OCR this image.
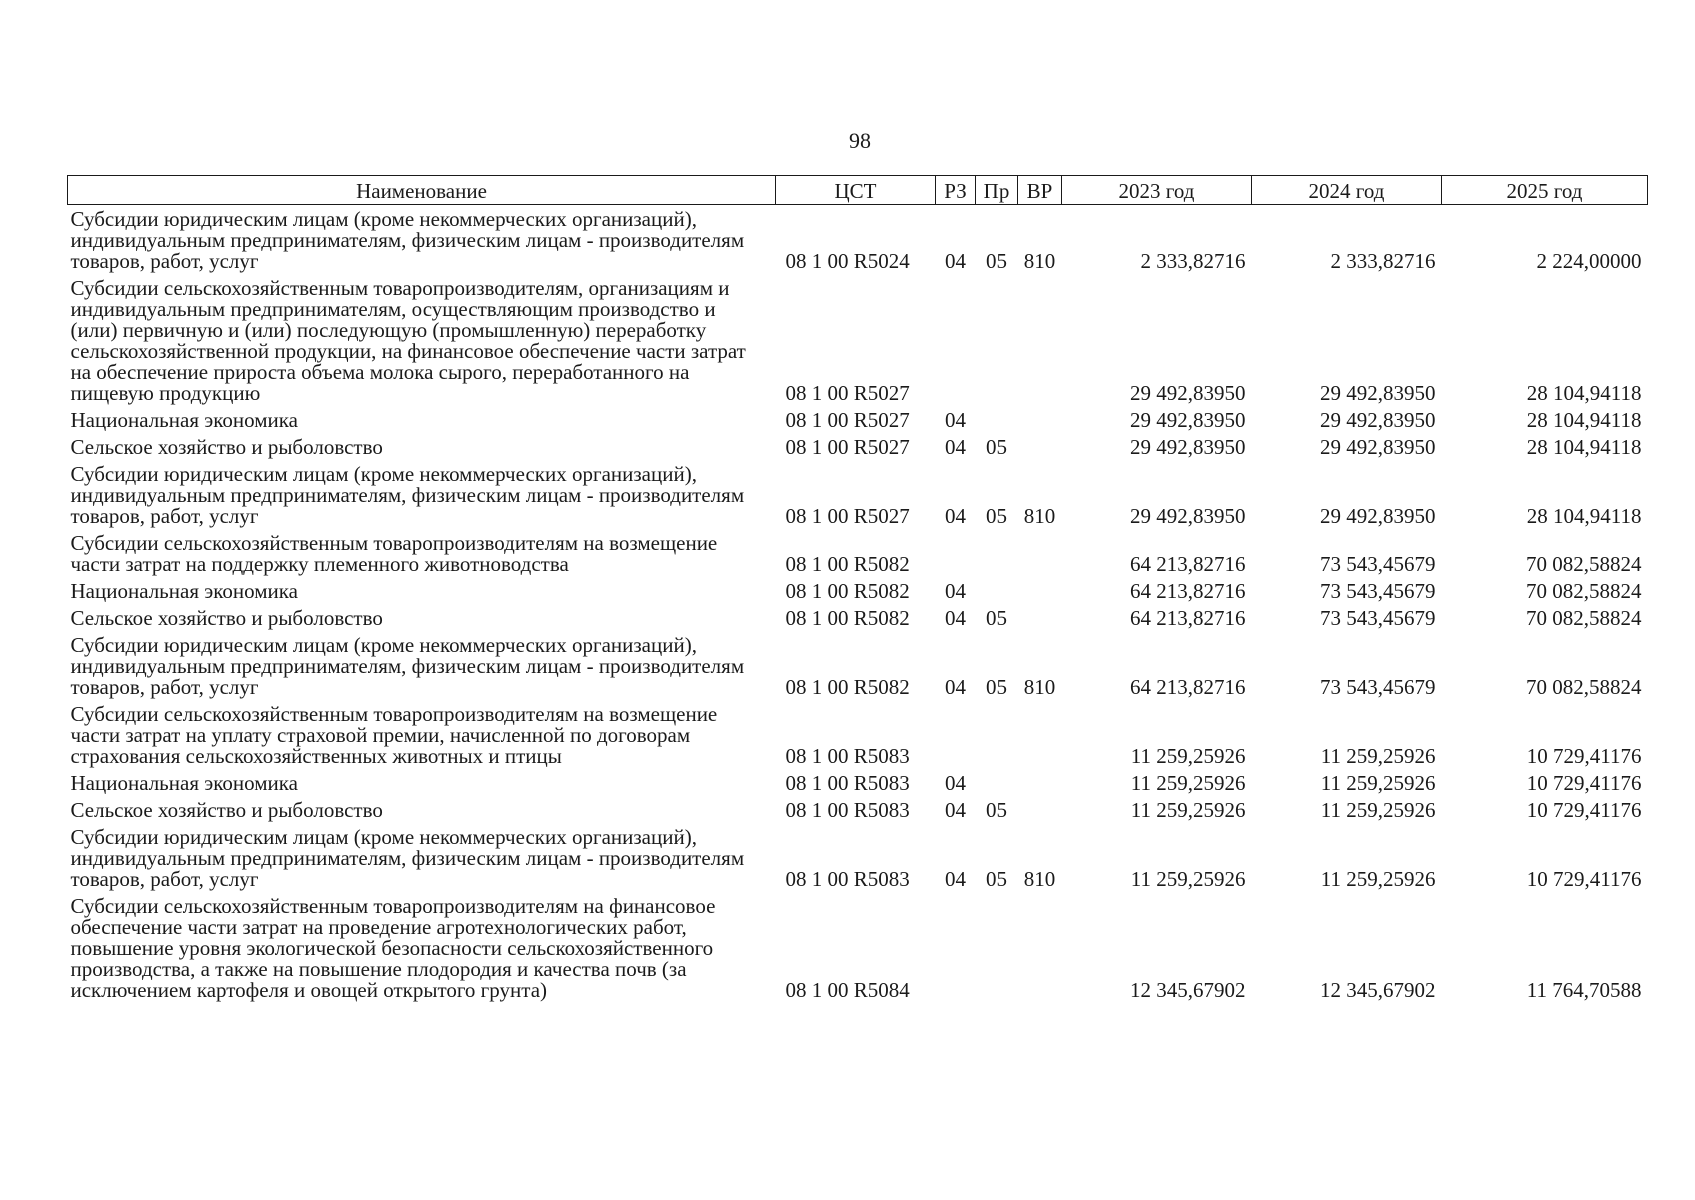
98
Наименование	ЦСТ	РЗ	Пр	ВР	2023 год	2024 год	2025 год
Субсидии юридическим лицам (кроме некоммерческих организаций), индивидуальным предпринимателям, физическим лицам - производителям товаров, работ, услуг	08 1 00 R5024	04	05	810	2 333,82716	2 333,82716	2 224,00000
Субсидии сельскохозяйственным товаропроизводителям, организациям и индивидуальным предпринимателям, осуществляющим производство и (или) первичную и (или) последующую (промышленную) переработку сельскохозяйственной продукции, на финансовое обеспечение части затрат на обеспечение прироста объема молока сырого, переработанного на пищевую продукцию	08 1 00 R5027				29 492,83950	29 492,83950	28 104,94118
Национальная экономика	08 1 00 R5027	04			29 492,83950	29 492,83950	28 104,94118
Сельское хозяйство и рыболовство	08 1 00 R5027	04	05		29 492,83950	29 492,83950	28 104,94118
Субсидии юридическим лицам (кроме некоммерческих организаций), индивидуальным предпринимателям, физическим лицам - производителям товаров, работ, услуг	08 1 00 R5027	04	05	810	29 492,83950	29 492,83950	28 104,94118
Субсидии сельскохозяйственным товаропроизводителям на возмещение части затрат на поддержку племенного животноводства	08 1 00 R5082				64 213,82716	73 543,45679	70 082,58824
Национальная экономика	08 1 00 R5082	04			64 213,82716	73 543,45679	70 082,58824
Сельское хозяйство и рыболовство	08 1 00 R5082	04	05		64 213,82716	73 543,45679	70 082,58824
Субсидии юридическим лицам (кроме некоммерческих организаций), индивидуальным предпринимателям, физическим лицам - производителям товаров, работ, услуг	08 1 00 R5082	04	05	810	64 213,82716	73 543,45679	70 082,58824
Субсидии сельскохозяйственным товаропроизводителям на возмещение части затрат на уплату страховой премии, начисленной по договорам страхования сельскохозяйственных животных и птицы	08 1 00 R5083				11 259,25926	11 259,25926	10 729,41176
Национальная экономика	08 1 00 R5083	04			11 259,25926	11 259,25926	10 729,41176
Сельское хозяйство и рыболовство	08 1 00 R5083	04	05		11 259,25926	11 259,25926	10 729,41176
Субсидии юридическим лицам (кроме некоммерческих организаций), индивидуальным предпринимателям, физическим лицам - производителям товаров, работ, услуг	08 1 00 R5083	04	05	810	11 259,25926	11 259,25926	10 729,41176
Субсидии сельскохозяйственным товаропроизводителям на финансовое обеспечение части затрат на проведение агротехнологических работ, повышение уровня экологической безопасности сельскохозяйственного производства, а также на повышение плодородия и качества почв (за исключением картофеля и овощей открытого грунта)	08 1 00 R5084				12 345,67902	12 345,67902	11 764,70588
